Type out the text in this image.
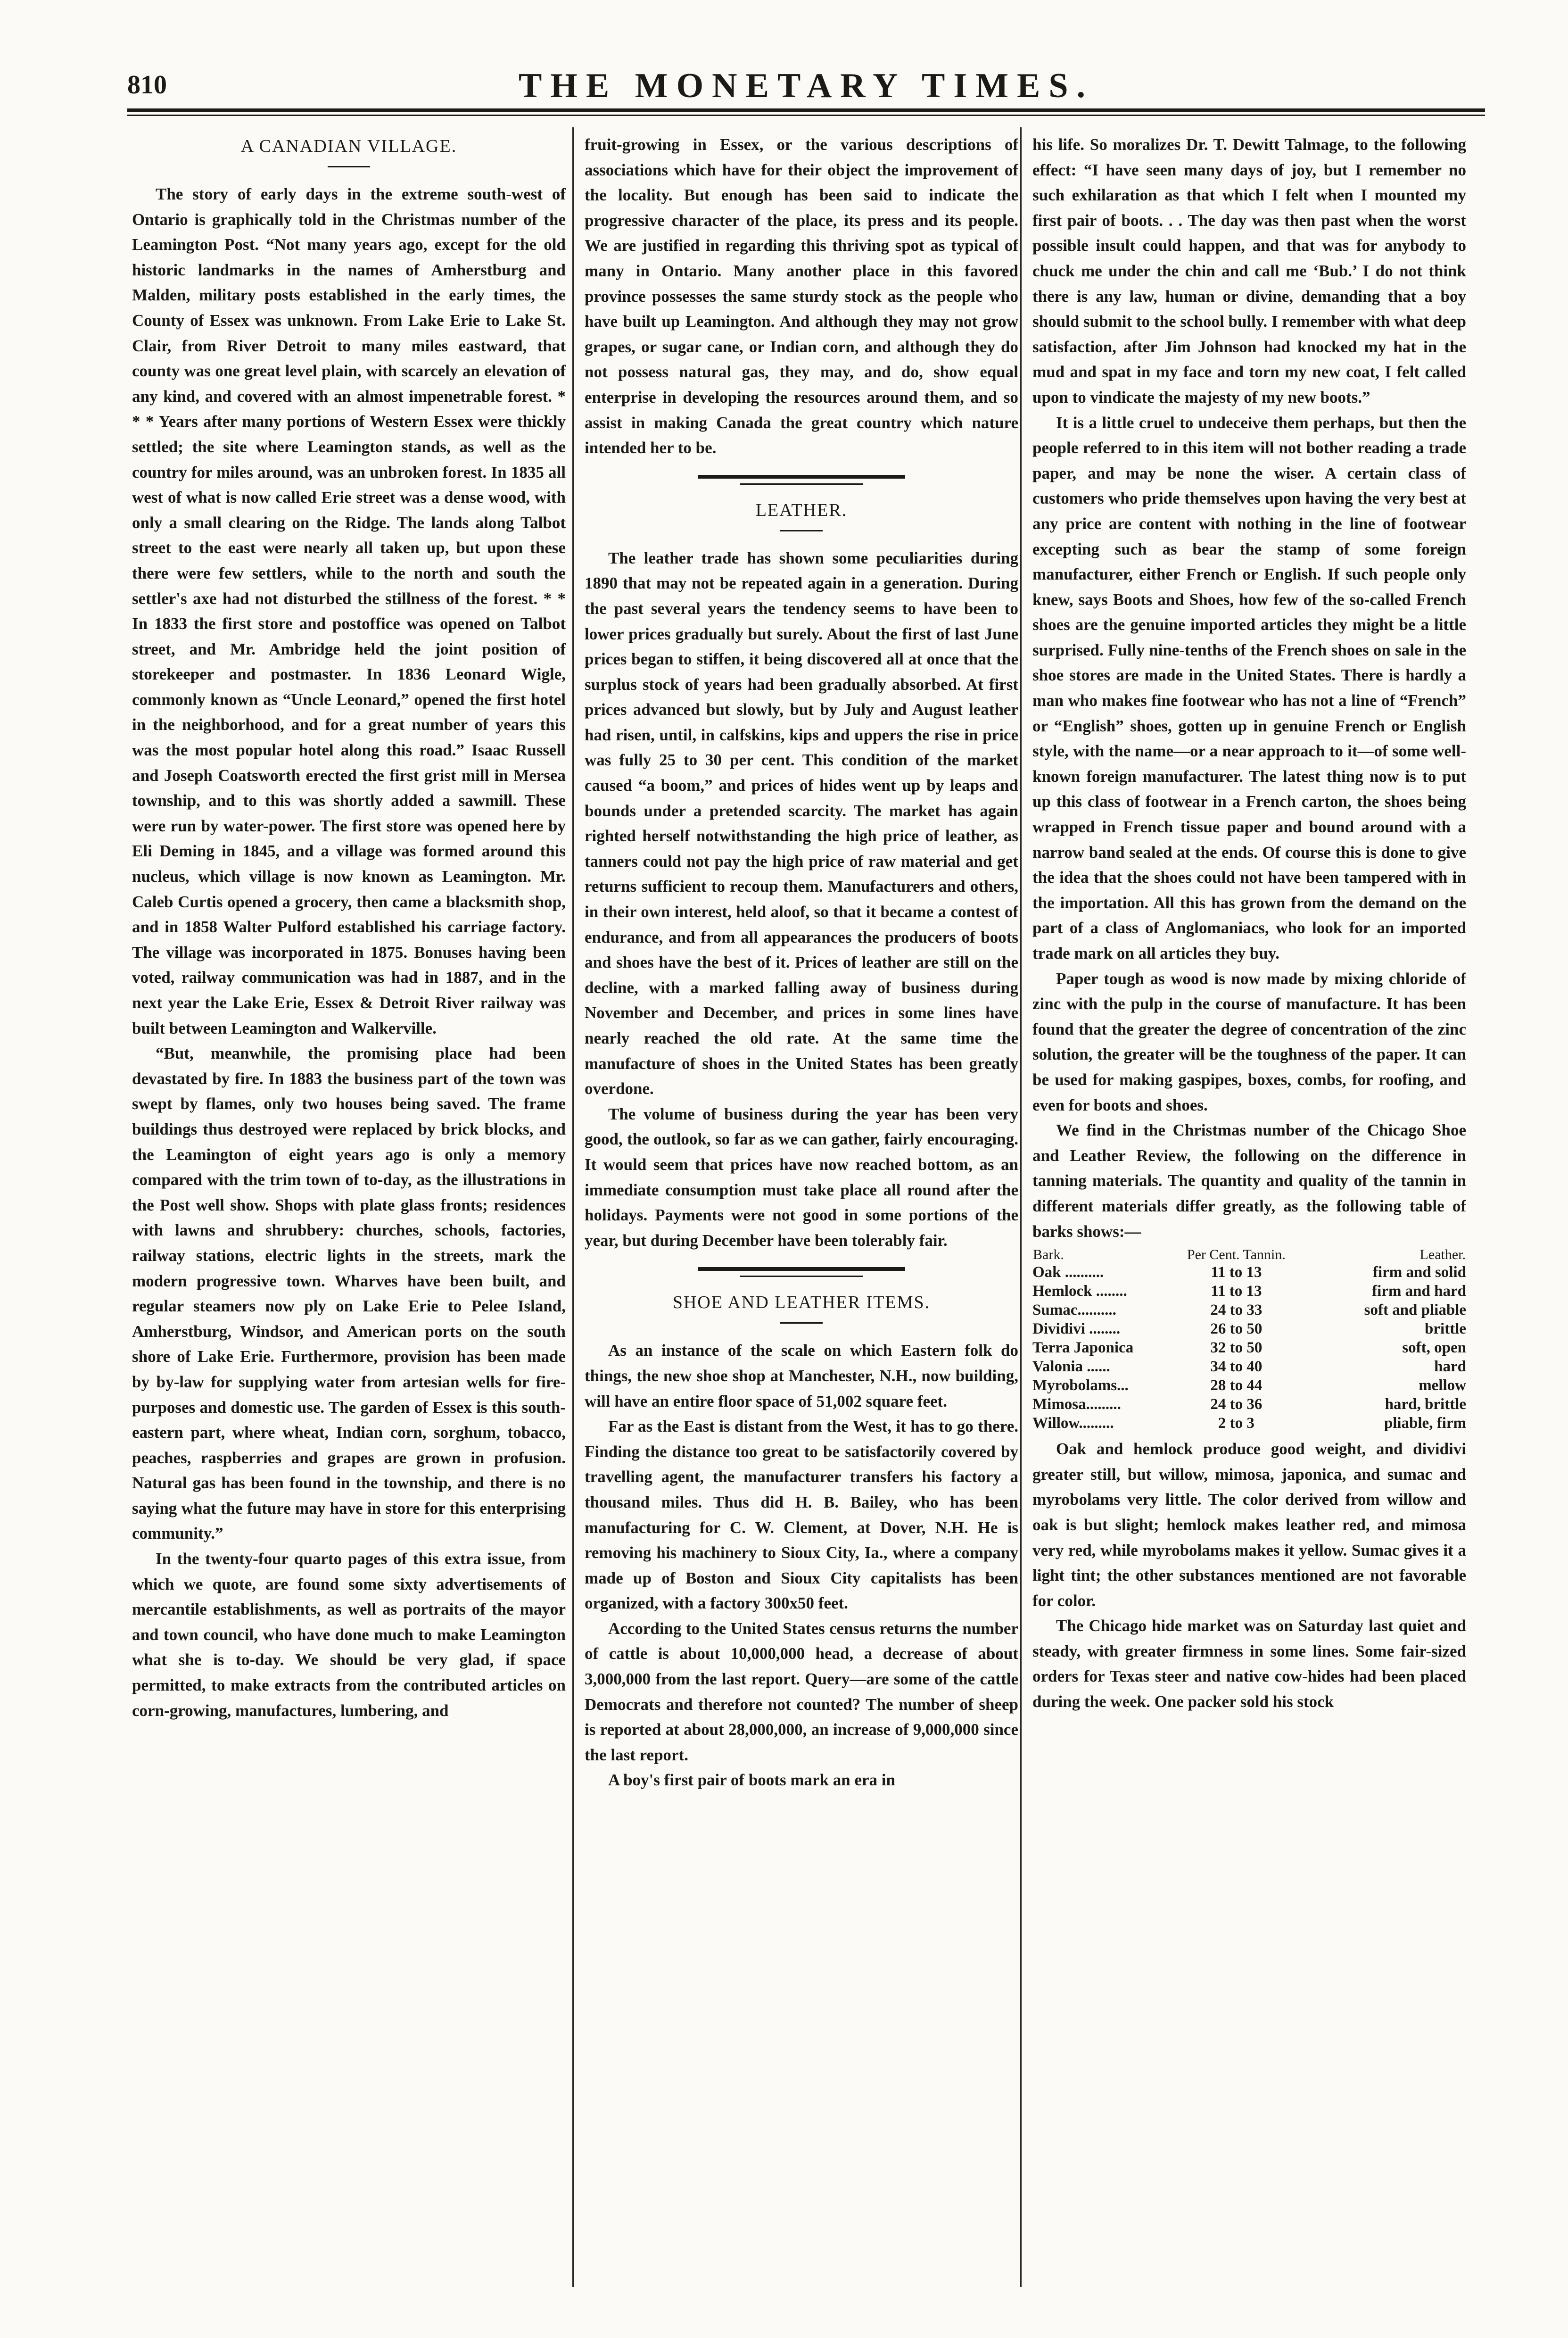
810	THE MONETARY TIMES.
A CANADIAN VILLAGE.

The story of early days in the extreme south-west of Ontario is graphically told in the Christmas number of the Leamington Post. “Not many years ago, except for the old historic landmarks in the names of Amherstburg and Malden, military posts established in the early times, the County of Essex was unknown. From Lake Erie to Lake St. Clair, from River Detroit to many miles eastward, that county was one great level plain, with scarcely an elevation of any kind, and covered with an almost impenetrable forest. * * * Years after many portions of Western Essex were thickly settled; the site where Leamington stands, as well as the country for miles around, was an unbroken forest. In 1835 all west of what is now called Erie street was a dense wood, with only a small clearing on the Ridge. The lands along Talbot street to the east were nearly all taken up, but upon these there were few settlers, while to the north and south the settler's axe had not disturbed the stillness of the forest. * * In 1833 the first store and postoffice was opened on Talbot street, and Mr. Ambridge held the joint position of storekeeper and postmaster. In 1836 Leonard Wigle, commonly known as “Uncle Leonard,” opened the first hotel in the neighborhood, and for a great number of years this was the most popular hotel along this road.” Isaac Russell and Joseph Coatsworth erected the first grist mill in Mersea township, and to this was shortly added a sawmill. These were run by water-power. The first store was opened here by Eli Deming in 1845, and a village was formed around this nucleus, which village is now known as Leamington. Mr. Caleb Curtis opened a grocery, then came a blacksmith shop, and in 1858 Walter Pulford established his carriage factory. The village was incorporated in 1875. Bonuses having been voted, railway communication was had in 1887, and in the next year the Lake Erie, Essex & Detroit River railway was built between Leamington and Walkerville.

“But, meanwhile, the promising place had been devastated by fire. In 1883 the business part of the town was swept by flames, only two houses being saved. The frame buildings thus destroyed were replaced by brick blocks, and the Leamington of eight years ago is only a memory compared with the trim town of to-day, as the illustrations in the Post well show. Shops with plate glass fronts; residences with lawns and shrubbery: churches, schools, factories, railway stations, electric lights in the streets, mark the modern progressive town. Wharves have been built, and regular steamers now ply on Lake Erie to Pelee Island, Amherstburg, Windsor, and American ports on the south shore of Lake Erie. Furthermore, provision has been made by by-law for supplying water from artesian wells for fire-purposes and domestic use. The garden of Essex is this south-eastern part, where wheat, Indian corn, sorghum, tobacco, peaches, raspberries and grapes are grown in profusion. Natural gas has been found in the township, and there is no saying what the future may have in store for this enterprising community.”

In the twenty-four quarto pages of this extra issue, from which we quote, are found some sixty advertisements of mercantile establishments, as well as portraits of the mayor and town council, who have done much to make Leamington what she is to-day. We should be very glad, if space permitted, to make extracts from the contributed articles on corn-growing, manufactures, lumbering, and

fruit-growing in Essex, or the various descriptions of associations which have for their object the improvement of the locality. But enough has been said to indicate the progressive character of the place, its press and its people. We are justified in regarding this thriving spot as typical of many in Ontario. Many another place in this favored province possesses the same sturdy stock as the people who have built up Leamington. And although they may not grow grapes, or sugar cane, or Indian corn, and although they do not possess natural gas, they may, and do, show equal enterprise in developing the resources around them, and so assist in making Canada the great country which nature intended her to be.

LEATHER.

The leather trade has shown some peculiarities during 1890 that may not be repeated again in a generation. During the past several years the tendency seems to have been to lower prices gradually but surely. About the first of last June prices began to stiffen, it being discovered all at once that the surplus stock of years had been gradually absorbed. At first prices advanced but slowly, but by July and August leather had risen, until, in calfskins, kips and uppers the rise in price was fully 25 to 30 per cent. This condition of the market caused “a boom,” and prices of hides went up by leaps and bounds under a pretended scarcity. The market has again righted herself notwithstanding the high price of leather, as tanners could not pay the high price of raw material and get returns sufficient to recoup them. Manufacturers and others, in their own interest, held aloof, so that it became a contest of endurance, and from all appearances the producers of boots and shoes have the best of it. Prices of leather are still on the decline, with a marked falling away of business during November and December, and prices in some lines have nearly reached the old rate. At the same time the manufacture of shoes in the United States has been greatly overdone.

The volume of business during the year has been very good, the outlook, so far as we can gather, fairly encouraging. It would seem that prices have now reached bottom, as an immediate consumption must take place all round after the holidays. Payments were not good in some portions of the year, but during December have been tolerably fair.

SHOE AND LEATHER ITEMS.

As an instance of the scale on which Eastern folk do things, the new shoe shop at Manchester, N.H., now building, will have an entire floor space of 51,002 square feet.

Far as the East is distant from the West, it has to go there. Finding the distance too great to be satisfactorily covered by travelling agent, the manufacturer transfers his factory a thousand miles. Thus did H. B. Bailey, who has been manufacturing for C. W. Clement, at Dover, N.H. He is removing his machinery to Sioux City, Ia., where a company made up of Boston and Sioux City capitalists has been organized, with a factory 300x50 feet.

According to the United States census returns the number of cattle is about 10,000,000 head, a decrease of about 3,000,000 from the last report. Query—are some of the cattle Democrats and therefore not counted? The number of sheep is reported at about 28,000,000, an increase of 9,000,000 since the last report.

A boy's first pair of boots mark an era in

his life. So moralizes Dr. T. Dewitt Talmage, to the following effect: “I have seen many days of joy, but I remember no such exhilaration as that which I felt when I mounted my first pair of boots. . . The day was then past when the worst possible insult could happen, and that was for anybody to chuck me under the chin and call me ‘Bub.’ I do not think there is any law, human or divine, demanding that a boy should submit to the school bully. I remember with what deep satisfaction, after Jim Johnson had knocked my hat in the mud and spat in my face and torn my new coat, I felt called upon to vindicate the majesty of my new boots.”

It is a little cruel to undeceive them perhaps, but then the people referred to in this item will not bother reading a trade paper, and may be none the wiser. A certain class of customers who pride themselves upon having the very best at any price are content with nothing in the line of footwear excepting such as bear the stamp of some foreign manufacturer, either French or English. If such people only knew, says Boots and Shoes, how few of the so-called French shoes are the genuine imported articles they might be a little surprised. Fully nine-tenths of the French shoes on sale in the shoe stores are made in the United States. There is hardly a man who makes fine footwear who has not a line of “French” or “English” shoes, gotten up in genuine French or English style, with the name—or a near approach to it—of some well-known foreign manufacturer. The latest thing now is to put up this class of footwear in a French carton, the shoes being wrapped in French tissue paper and bound around with a narrow band sealed at the ends. Of course this is done to give the idea that the shoes could not have been tampered with in the importation. All this has grown from the demand on the part of a class of Anglomaniacs, who look for an imported trade mark on all articles they buy.

Paper tough as wood is now made by mixing chloride of zinc with the pulp in the course of manufacture. It has been found that the greater the degree of concentration of the zinc solution, the greater will be the toughness of the paper. It can be used for making gaspipes, boxes, combs, for roofing, and even for boots and shoes.

We find in the Christmas number of the Chicago Shoe and Leather Review, the following on the difference in tanning materials. The quantity and quality of the tannin in different materials differ greatly, as the following table of barks shows:—

Bark.	Per Cent. Tannin.	Leather.
Oak ..........	11 to 13	firm and solid
Hemlock ........	11 to 13	firm and hard
Sumac..........	24 to 33	soft and pliable
Dividivi ........	26 to 50	brittle
Terra Japonica	32 to 50	soft, open
Valonia ......	34 to 40	hard
Myrobolams...	28 to 44	mellow
Mimosa.........	24 to 36	hard, brittle
Willow.........	2 to 3	pliable, firm

Oak and hemlock produce good weight, and dividivi greater still, but willow, mimosa, japonica, and sumac and myrobolams very little. The color derived from willow and oak is but slight; hemlock makes leather red, and mimosa very red, while myrobolams makes it yellow. Sumac gives it a light tint; the other substances mentioned are not favorable for color.

The Chicago hide market was on Saturday last quiet and steady, with greater firmness in some lines. Some fair-sized orders for Texas steer and native cow-hides had been placed during the week. One packer sold his stock
